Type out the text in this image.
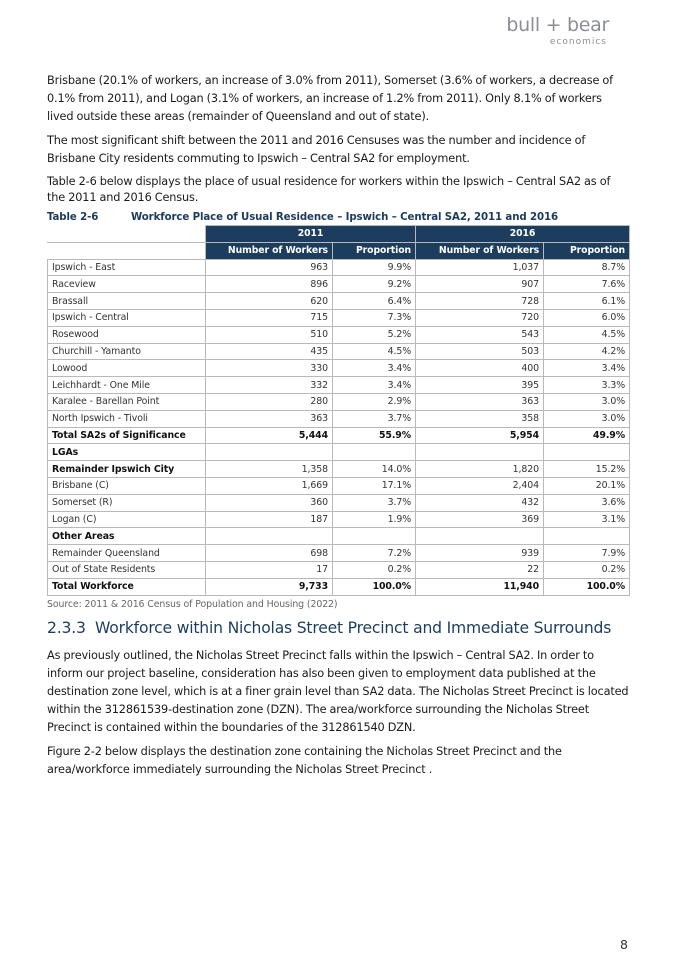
bull + bear
economics

Brisbane (20.1% of workers, an increase of 3.0% from 2011), Somerset (3.6% of workers, a decrease of 0.1% from 2011), and Logan (3.1% of workers, an increase of 1.2% from 2011). Only 8.1% of workers lived outside these areas (remainder of Queensland and out of state).

The most significant shift between the 2011 and 2016 Censuses was the number and incidence of Brisbane City residents commuting to Ipswich – Central SA2 for employment.

Table 2-6 below displays the place of usual residence for workers within the Ipswich – Central SA2 as of the 2011 and 2016 Census.

Table 2-6	Workforce Place of Usual Residence – Ipswich – Central SA2, 2011 and 2016
	2011		2016	
	Number of Workers	Proportion	Number of Workers	Proportion
Ipswich - East	963	9.9%	1,037	8.7%
Raceview	896	9.2%	907	7.6%
Brassall	620	6.4%	728	6.1%
Ipswich - Central	715	7.3%	720	6.0%
Rosewood	510	5.2%	543	4.5%
Churchill - Yamanto	435	4.5%	503	4.2%
Lowood	330	3.4%	400	3.4%
Leichhardt - One Mile	332	3.4%	395	3.3%
Karalee - Barellan Point	280	2.9%	363	3.0%
North Ipswich - Tivoli	363	3.7%	358	3.0%
Total SA2s of Significance	5,444	55.9%	5,954	49.9%
LGAs				
Remainder Ipswich City	1,358	14.0%	1,820	15.2%
Brisbane (C)	1,669	17.1%	2,404	20.1%
Somerset (R)	360	3.7%	432	3.6%
Logan (C)	187	1.9%	369	3.1%
Other Areas				
Remainder Queensland	698	7.2%	939	7.9%
Out of State Residents	17	0.2%	22	0.2%
Total Workforce	9,733	100.0%	11,940	100.0%
Source: 2011 & 2016 Census of Population and Housing (2022)
2.3.3 Workforce within Nicholas Street Precinct and Immediate Surrounds

As previously outlined, the Nicholas Street Precinct falls within the Ipswich – Central SA2. In order to inform our project baseline, consideration has also been given to employment data published at the destination zone level, which is at a finer grain level than SA2 data. The Nicholas Street Precinct is located within the 312861539-destination zone (DZN). The area/workforce surrounding the Nicholas Street Precinct is contained within the boundaries of the 312861540 DZN.

Figure 2-2 below displays the destination zone containing the Nicholas Street Precinct and the area/workforce immediately surrounding the Nicholas Street Precinct .

8
